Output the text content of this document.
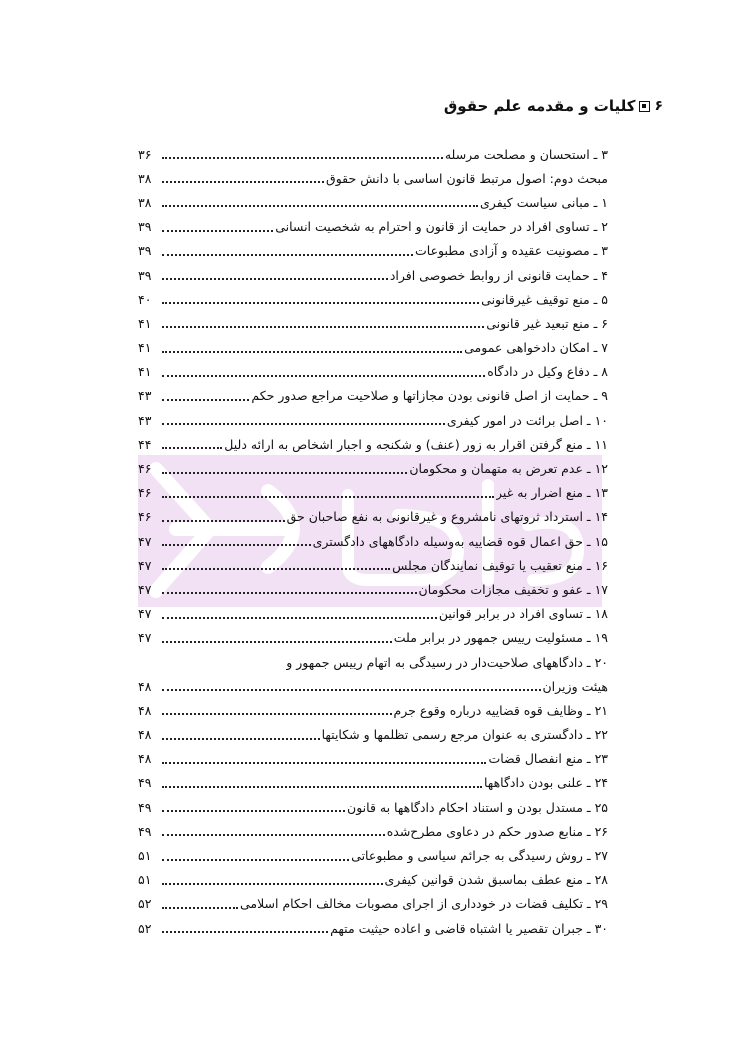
۶
کلیات و مقدمه علم حقوق
۳ ـ استحسان و مصلحت مرسله
۳۶
مبحث دوم: اصول مرتبط قانون اساسی با دانش حقوق
۳۸
۱ ـ مبانی سیاست کیفری
۳۸
۲ ـ تساوی افراد در حمایت از قانون و احترام به شخصیت انسانی
۳۹
۳ ـ مصونیت عقیده و آزادی مطبوعات
۳۹
۴ ـ حمایت قانونی از روابط خصوصی افراد
۳۹
۵ ـ منع توقیف غیرقانونی
۴۰
۶ ـ منع تبعید غیر قانونی
۴۱
۷ ـ امکان دادخواهی عمومی
۴۱
۸ ـ دفاع وکیل در دادگاه
۴۱
۹ ـ حمایت از اصل قانونی بودن مجازاتها و صلاحیت مراجع صدور حکم
۴۳
۱۰ ـ اصل برائت در امور کیفری
۴۳
۱۱ ـ منع گرفتن اقرار به زور (عنف) و شکنجه و اجبار اشخاص به ارائه دلیل
۴۴
۱۲ ـ عدم تعرض به متهمان و محکومان
۴۶
۱۳ ـ منع اضرار به غیر
۴۶
۱۴ ـ استرداد ثروتهای نامشروع و غیرقانونی به نفع صاحبان حق
۴۶
۱۵ ـ حق اعمال قوه قضاییه به‌وسیله دادگاههای دادگستری
۴۷
۱۶ ـ منع تعقیب یا توقیف نمایندگان مجلس
۴۷
۱۷ ـ عفو و تخفیف مجازات محکومان
۴۷
۱۸ ـ تساوی افراد در برابر قوانین
۴۷
۱۹ ـ مسئولیت رییس جمهور در برابر ملت
۴۷
۲۰ ـ دادگاههای صلاحیت‌دار در رسیدگی به اتهام رییس جمهور و
هیئت وزیران
۴۸
۲۱ ـ وظایف قوه قضاییه درباره وقوع جرم
۴۸
۲۲ ـ دادگستری به عنوان مرجع رسمی تظلمها و شکایتها
۴۸
۲۳ ـ منع انفصال قضات
۴۸
۲۴ ـ علنی بودن دادگاهها
۴۹
۲۵ ـ مستدل بودن و استناد احکام دادگاهها به قانون
۴۹
۲۶ ـ منابع صدور حکم در دعاوی مطرح‌شده
۴۹
۲۷ ـ روش رسیدگی به جرائم سیاسی و مطبوعاتی
۵۱
۲۸ ـ منع عطف بماسبق شدن قوانین کیفری
۵۱
۲۹ ـ تکلیف قضات در خودداری از اجرای مصوبات مخالف احکام اسلامی
۵۲
۳۰ ـ جبران تقصیر یا اشتباه قاضی و اعاده حیثیت متهم
۵۲
